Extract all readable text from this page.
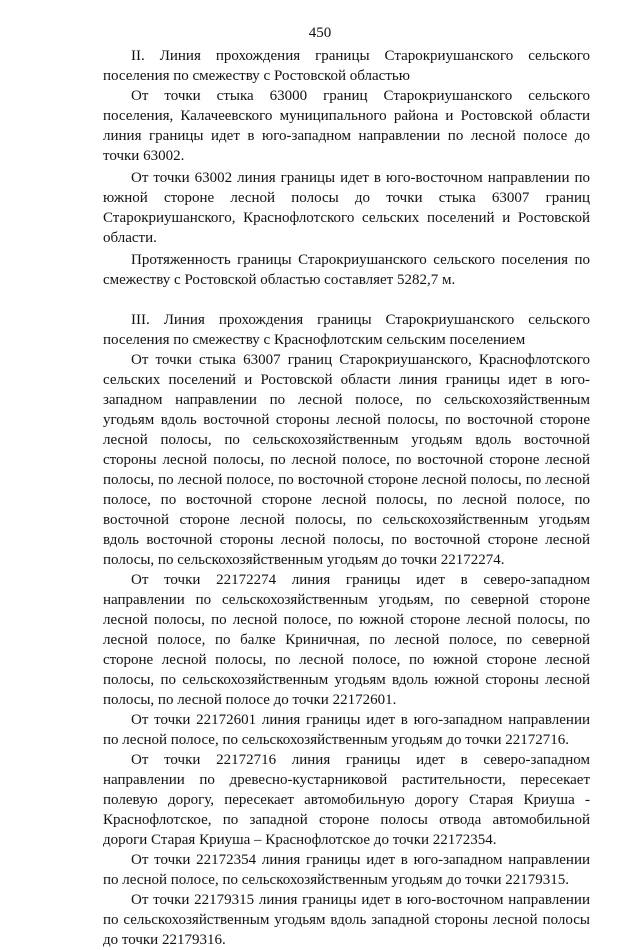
450

II. Линия прохождения границы Старокриушанского сельского поселения по смежеству с Ростовской областью

От точки стыка 63000 границ Старокриушанского сельского поселения, Калачеевского муниципального района и Ростовской области линия границы идет в юго-западном направлении по лесной полосе до точки 63002.

От точки 63002 линия границы идет в юго-восточном направлении по южной стороне лесной полосы до точки стыка 63007 границ Старокриушанского, Краснофлотского сельских поселений и Ростовской области.

Протяженность границы Старокриушанского сельского поселения по смежеству с Ростовской областью составляет 5282,7 м.

III. Линия прохождения границы Старокриушанского сельского поселения по смежеству с Краснофлотским сельским поселением

От точки стыка 63007 границ Старокриушанского, Краснофлотского сельских поселений и Ростовской области линия границы идет в юго-западном направлении по лесной полосе, по сельскохозяйственным угодьям вдоль восточной стороны лесной полосы, по восточной стороне лесной полосы, по сельскохозяйственным угодьям вдоль восточной стороны лесной полосы, по лесной полосе, по восточной стороне лесной полосы, по лесной полосе, по восточной стороне лесной полосы, по лесной полосе, по восточной стороне лесной полосы, по лесной полосе, по восточной стороне лесной полосы, по сельскохозяйственным угодьям вдоль восточной стороны лесной полосы, по восточной стороне лесной полосы, по сельскохозяйственным угодьям до точки 22172274.

От точки 22172274 линия границы идет в северо-западном направлении по сельскохозяйственным угодьям, по северной стороне лесной полосы, по лесной полосе, по южной стороне лесной полосы, по лесной полосе, по балке Криничная, по лесной полосе, по северной стороне лесной полосы, по лесной полосе, по южной стороне лесной полосы, по сельскохозяйственным угодьям вдоль южной стороны лесной полосы, по лесной полосе до точки 22172601.

От точки 22172601 линия границы идет в юго-западном направлении по лесной полосе, по сельскохозяйственным угодьям до точки 22172716.

От точки 22172716 линия границы идет в северо-западном направлении по древесно-кустарниковой растительности, пересекает полевую дорогу, пересекает автомобильную дорогу Старая Криуша - Краснофлотское, по западной стороне полосы отвода автомобильной дороги Старая Криуша – Краснофлотское до точки 22172354.

От точки 22172354 линия границы идет в юго-западном направлении по лесной полосе, по сельскохозяйственным угодьям до точки 22179315.

От точки 22179315 линия границы идет в юго-восточном направлении по сельскохозяйственным угодьям вдоль западной стороны лесной полосы до точки 22179316.
